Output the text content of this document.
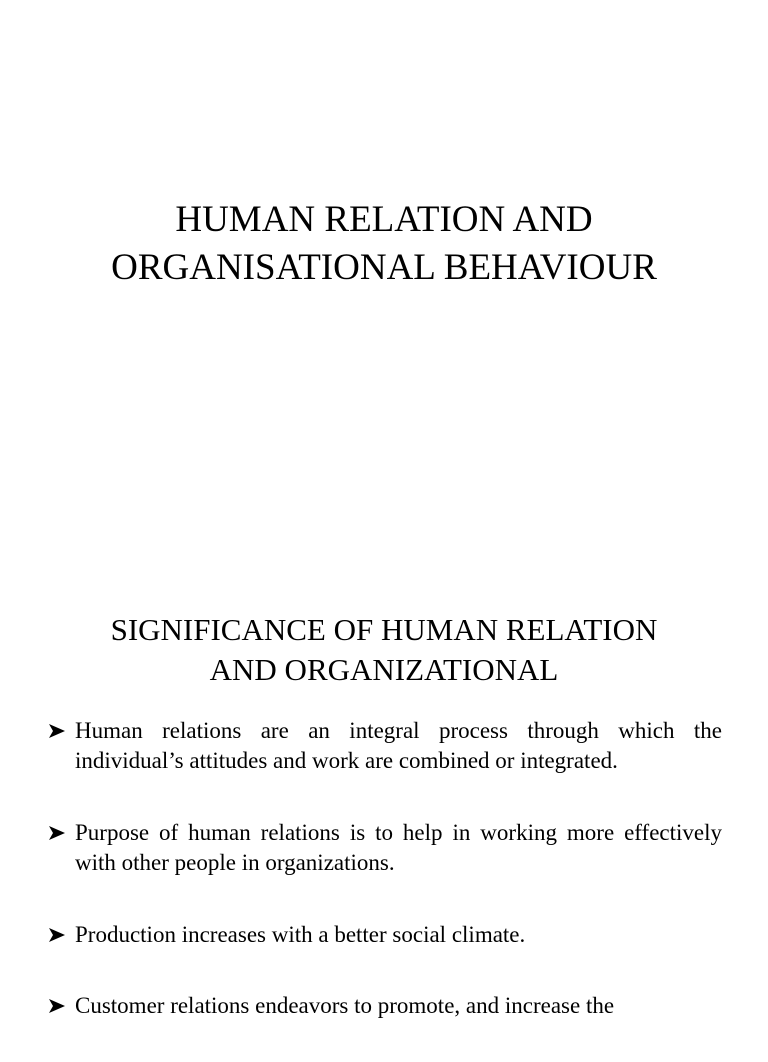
HUMAN RELATION AND
ORGANISATIONAL BEHAVIOUR
SIGNIFICANCE OF HUMAN RELATION
AND ORGANIZATIONAL
Human relations are an integral process through which the individual’s attitudes and work are combined or integrated.
Purpose of human relations is to help in working more effectively with other people in organizations.
Production increases with a better social climate.
Customer relations endeavors to promote, and increase the
